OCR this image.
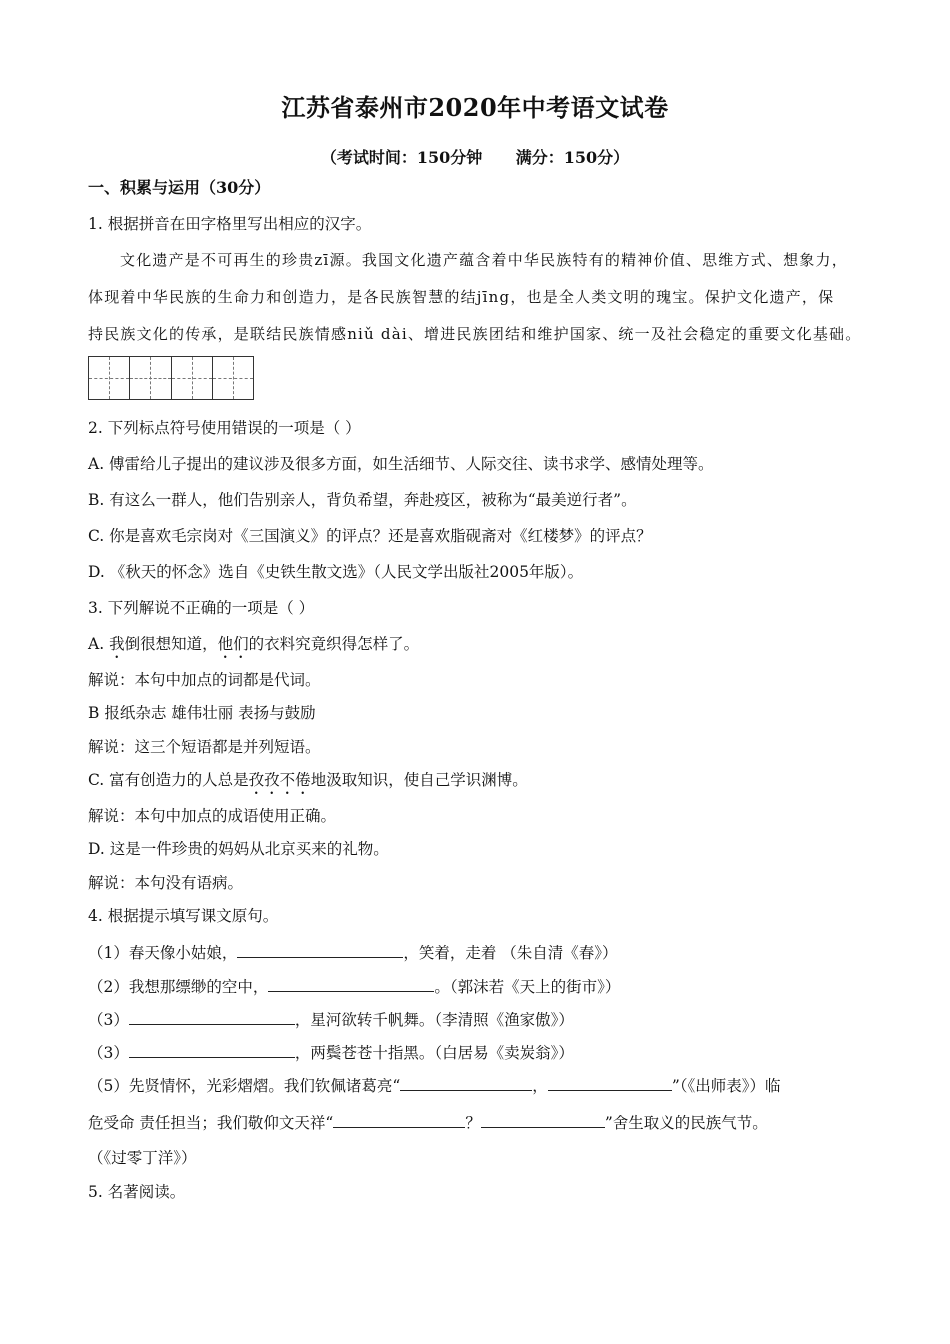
江苏省泰州市2020年中考语文试卷
（考试时间：150分钟      满分：150分）
一、积累与运用（30分）
1. 根据拼音在田字格里写出相应的汉字。
文化遗产是不可再生的珍贵zī源。我国文化遗产蕴含着中华民族特有的精神价值、思维方式、想象力，
体现着中华民族的生命力和创造力，是各民族智慧的结jīng，也是全人类文明的瑰宝。保护文化遗产，保
持民族文化的传承，是联结民族情感niǔ dài、增进民族团结和维护国家、统一及社会稳定的重要文化基础。
2. 下列标点符号使用错误的一项是（ ）
A. 傅雷给儿子提出的建议涉及很多方面，如生活细节、人际交往、读书求学、感情处理等。
B. 有这么一群人，他们告别亲人，背负希望，奔赴疫区，被称为“最美逆行者”。
C. 你是喜欢毛宗岗对《三国演义》的评点？还是喜欢脂砚斋对《红楼梦》的评点？
D. 《秋天的怀念》选自《史铁生散文选》（人民文学出版社2005年版）。
3. 下列解说不正确的一项是（ ）
A. 我倒很想知道，他们的衣料究竟织得怎样了。
解说：本句中加点的词都是代词。
B 报纸杂志 雄伟壮丽 表扬与鼓励
解说：这三个短语都是并列短语。
C. 富有创造力的人总是孜孜不倦地汲取知识，使自己学识渊博。
解说：本句中加点的成语使用正确。
D. 这是一件珍贵的妈妈从北京买来的礼物。
解说：本句没有语病。
4. 根据提示填写课文原句。
（1）春天像小姑娘，	，笑着，走着 （朱自清《春》）
（2）我想那缥缈的空中，	。（郭沫若《天上的街市》）
（3）	，星河欲转千帆舞。（李清照《渔家傲》）
（3）	，两鬓苍苍十指黑。（白居易《卖炭翁》）
（5）先贤情怀，光彩熠熠。我们钦佩诸葛亮“	，	”（《出师表》）临
危受命 责任担当；我们敬仰文天祥“	？	”舍生取义的民族气节。
（《过零丁洋》）
5. 名著阅读。
